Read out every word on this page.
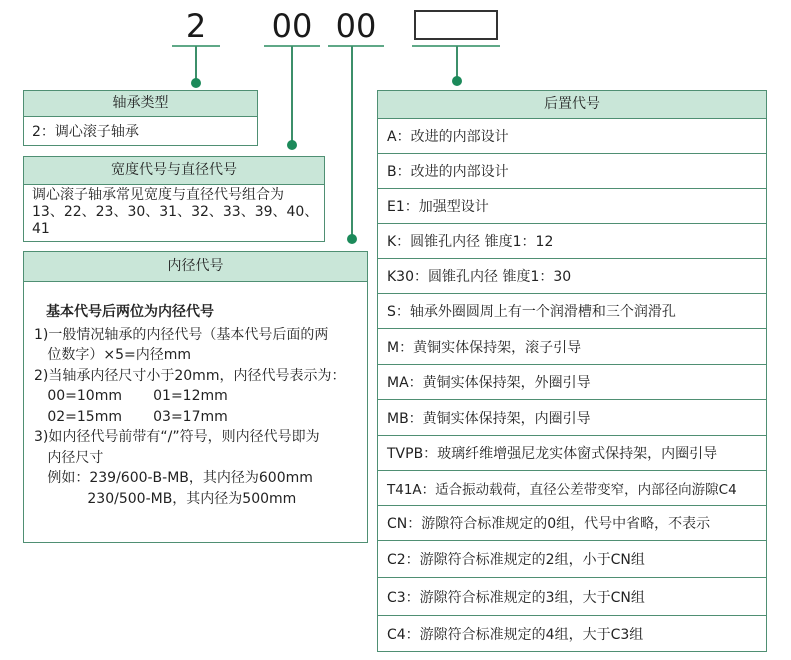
2	00 00
轴承类型
2：调心滚子轴承
宽度代号与直径代号
调心滚子轴承常见宽度与直径代号组合为
13、22、23、30、31、32、33、39、40、
41
内径代号
基本代号后两位为内径代号
1)一般情况轴承的内径代号（基本代号后面的两
位数字）×5=内径mm
2)当轴承内径尺寸小于20mm，内径代号表示为：
00=10mm       01=12mm
02=15mm       03=17mm
3)如内径代号前带有“/”符号，则内径代号即为
内径尺寸
例如：239/600-B-MB，其内径为600mm
230/500-MB，其内径为500mm
后置代号
A：改进的内部设计
B：改进的内部设计
E1：加强型设计
K：圆锥孔内径 锥度1：12
K30：圆锥孔内径 锥度1：30
S：轴承外圈圆周上有一个润滑槽和三个润滑孔
M：黄铜实体保持架，滚子引导
MA：黄铜实体保持架，外圈引导
MB：黄铜实体保持架，内圈引导
TVPB：玻璃纤维增强尼龙实体窗式保持架，内圈引导
T41A：适合振动载荷，直径公差带变窄，内部径向游隙C4
CN：游隙符合标准规定的0组，代号中省略，不表示
C2：游隙符合标准规定的2组，小于CN组
C3：游隙符合标准规定的3组，大于CN组
C4：游隙符合标准规定的4组，大于C3组
